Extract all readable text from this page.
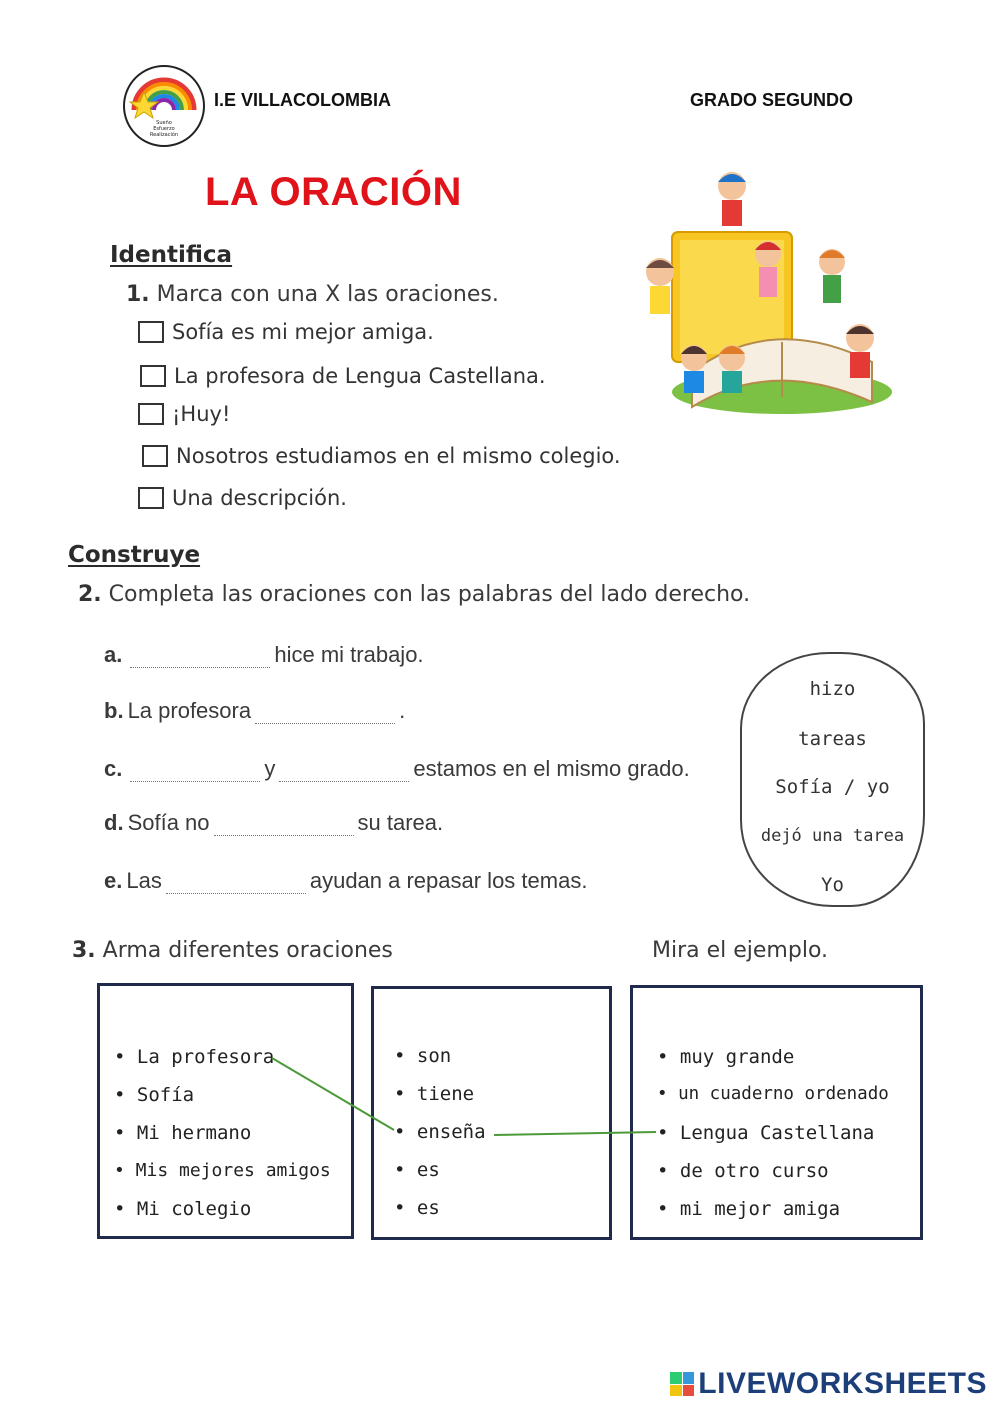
Sueño
Esfuerzo
Realización
I.E VILLACOLOMBIA	GRADO SEGUNDO
LA ORACIÓN
Identifica
1. Marca con una X las oraciones.
Sofía es mi mejor amiga.
La profesora de Lengua Castellana.
¡Huy!
Nosotros estudiamos en el mismo colegio.
Una descripción.
Construye
2. Completa las oraciones con las palabras del lado derecho.
a.	hice mi trabajo.
b. La profesora	.
c.	y	estamos en el mismo grado.
d. Sofía no	su tarea.
e. Las	ayudan a repasar los temas.
hizo
tareas
Sofía / yo
dejó una tarea
Yo
3. Arma diferentes oraciones	Mira el ejemplo.
• La profesora
• Sofía
• Mi hermano
• Mis mejores amigos
• Mi colegio
• son
• tiene
• enseña
• es
• es
• muy grande
• un cuaderno ordenado
• Lengua Castellana
• de otro curso
• mi mejor amiga
LIVEWORKSHEETS
